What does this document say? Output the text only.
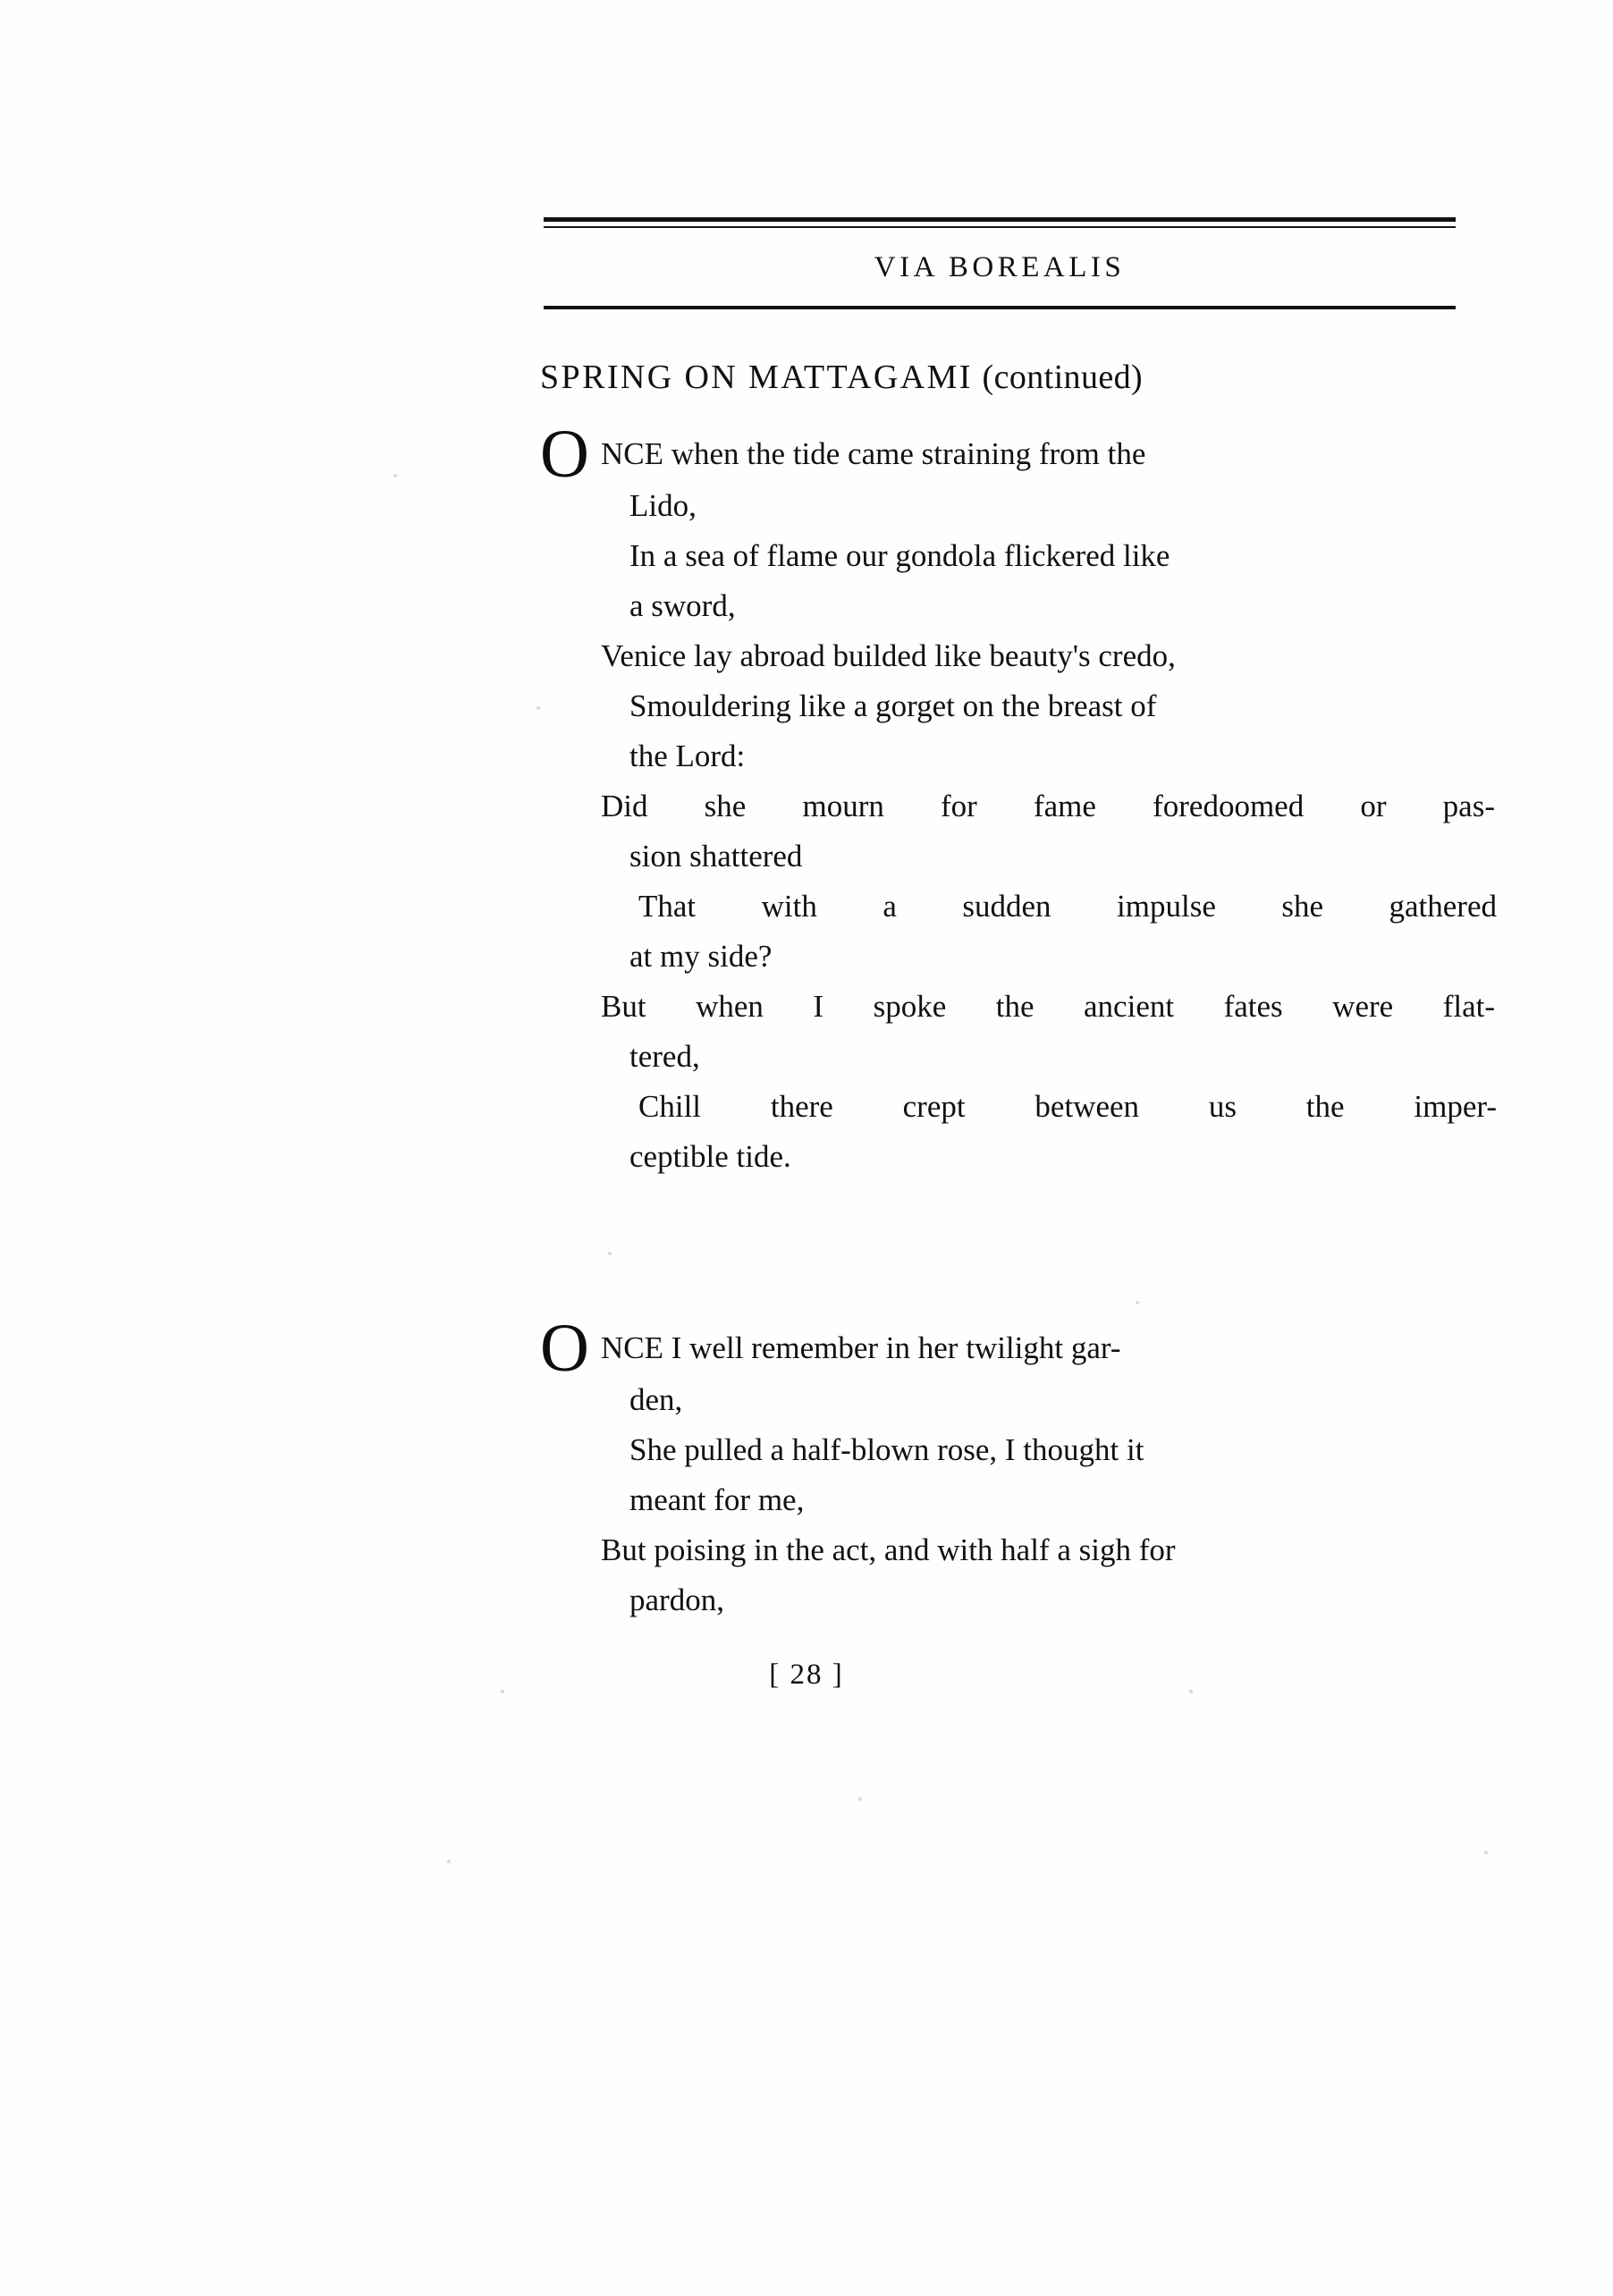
VIA BOREALIS
SPRING ON MATTAGAMI (continued)
O NCE when the tide came straining from the
Lido,
In a sea of flame our gondola flickered like
a sword,
Venice lay abroad builded like beauty's credo,
Smouldering like a gorget on the breast of
the Lord:
Did she mourn for fame foredoomed or pas-
sion shattered
That with a sudden impulse she gathered
at my side?
But when I spoke the ancient fates were flat-
tered,
Chill there crept between us the imper-
ceptible tide.
O NCE I well remember in her twilight gar-
den,
She pulled a half-blown rose, I thought it
meant for me,
But poising in the act, and with half a sigh for
pardon,
[ 28 ]
